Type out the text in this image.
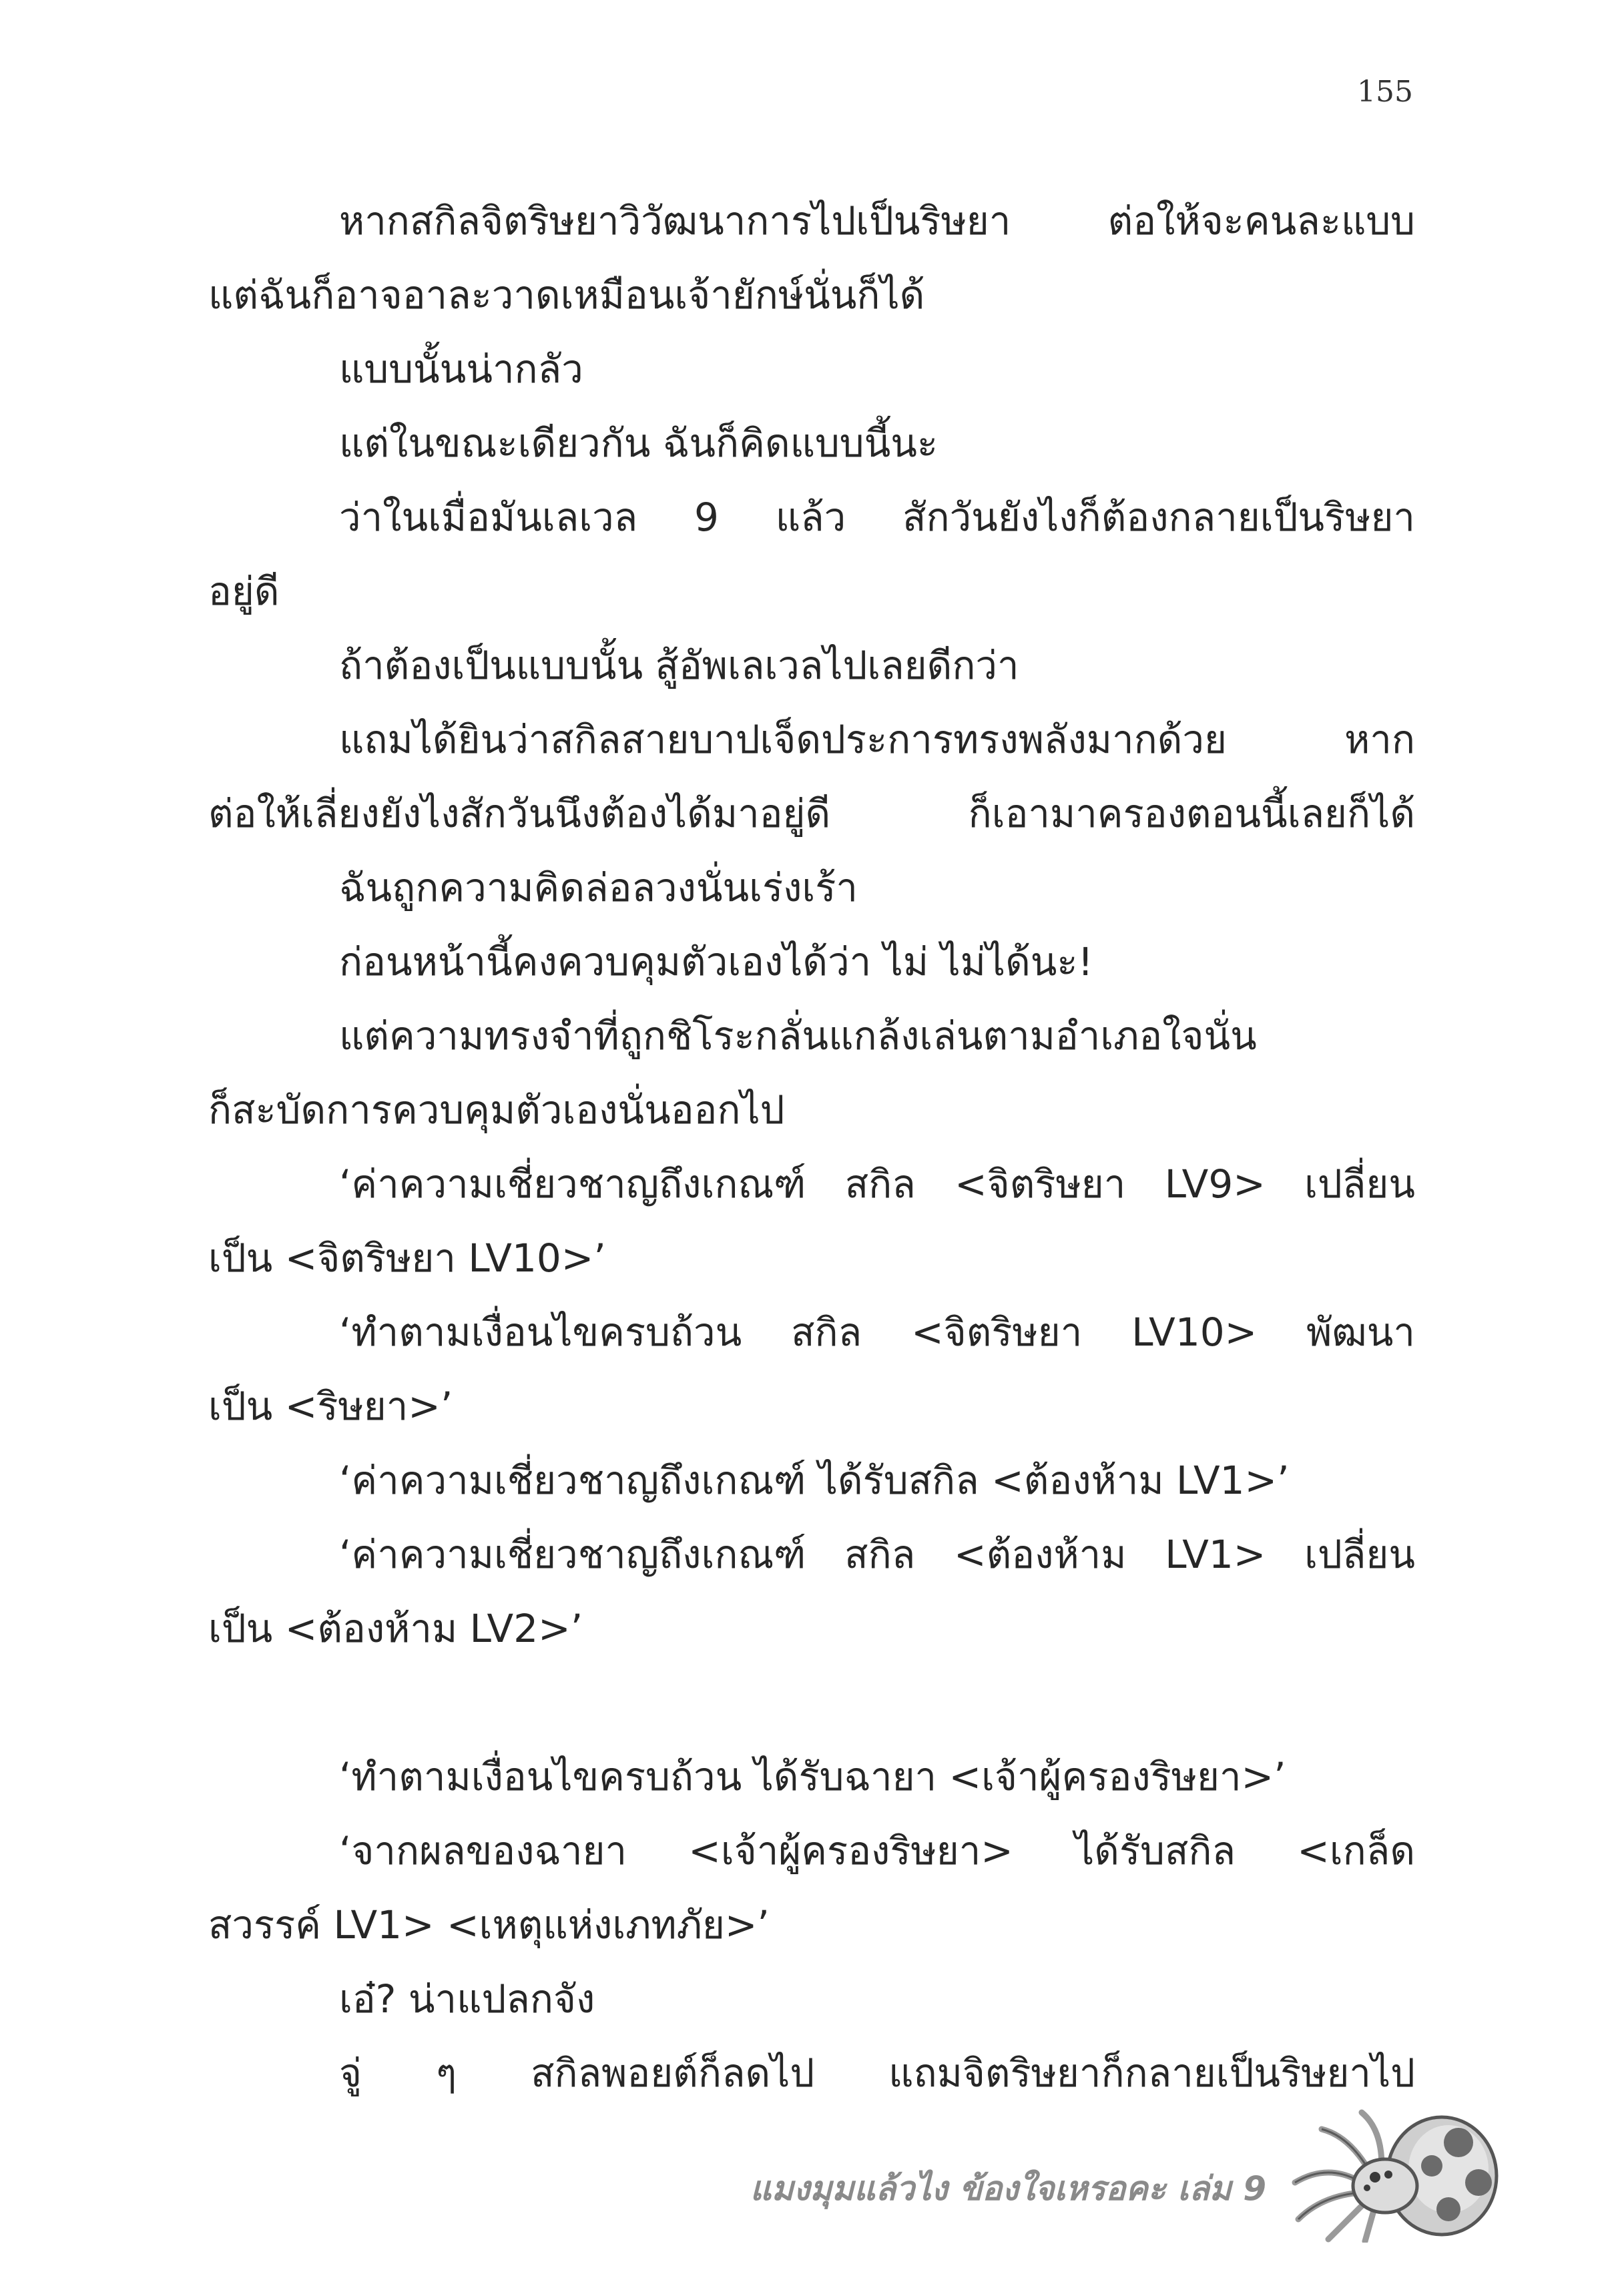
155
หากสกิลจิตริษยาวิวัฒนาการไปเป็นริษยา ต่อให้จะคนละแบบ
แต่ฉันก็อาจอาละวาดเหมือนเจ้ายักษ์นั่นก็ได้
แบบนั้นน่ากลัว
แต่ในขณะเดียวกัน ฉันก็คิดแบบนี้นะ
ว่าในเมื่อมันเลเวล 9 แล้ว สักวันยังไงก็ต้องกลายเป็นริษยา
อยู่ดี
ถ้าต้องเป็นแบบนั้น สู้อัพเลเวลไปเลยดีกว่า
แถมได้ยินว่าสกิลสายบาปเจ็ดประการทรงพลังมากด้วย หาก
ต่อให้เลี่ยงยังไงสักวันนึงต้องได้มาอยู่ดี ก็เอามาครองตอนนี้เลยก็ได้
ฉันถูกความคิดล่อลวงนั่นเร่งเร้า
ก่อนหน้านี้คงควบคุมตัวเองได้ว่า ไม่ ไม่ได้นะ!
แต่ความทรงจำที่ถูกชิโระกลั่นแกล้งเล่นตามอำเภอใจนั่น
ก็สะบัดการควบคุมตัวเองนั่นออกไป
‘ค่าความเชี่ยวชาญถึงเกณฑ์ สกิล <จิตริษยา LV9> เปลี่ยน
เป็น <จิตริษยา LV10>’
‘ทำตามเงื่อนไขครบถ้วน สกิล <จิตริษยา LV10> พัฒนา
เป็น <ริษยา>’
‘ค่าความเชี่ยวชาญถึงเกณฑ์ ได้รับสกิล <ต้องห้าม LV1>’
‘ค่าความเชี่ยวชาญถึงเกณฑ์ สกิล <ต้องห้าม LV1> เปลี่ยน
เป็น <ต้องห้าม LV2>’
‘ทำตามเงื่อนไขครบถ้วน ได้รับฉายา <เจ้าผู้ครองริษยา>’
‘จากผลของฉายา <เจ้าผู้ครองริษยา> ได้รับสกิล <เกล็ด
สวรรค์ LV1> <เหตุแห่งเภทภัย>’
เอ๋? น่าแปลกจัง
จู่ ๆ สกิลพอยต์ก็ลดไป แถมจิตริษยาก็กลายเป็นริษยาไป
แมงมุมแล้วไง ข้องใจเหรอคะ เล่ม 9
